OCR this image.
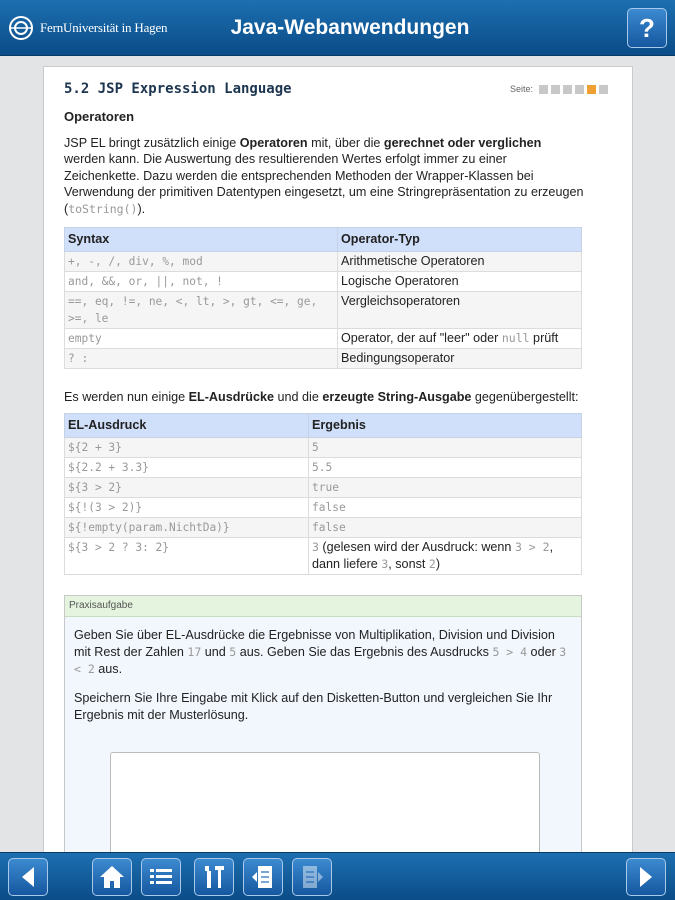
FernUniversität in Hagen	Java-Webanwendungen	?
5.2 JSP Expression Language	Seite:
Operatoren

JSP EL bringt zusätzlich einige Operatoren mit, über die gerechnet oder verglichen werden kann. Die Auswertung des resultierenden Wertes erfolgt immer zu einer Zeichenkette. Dazu werden die entsprechenden Methoden der Wrapper-Klassen bei Verwendung der primitiven Datentypen eingesetzt, um eine Stringrepräsentation zu erzeugen (toString()).

Syntax	Operator-Typ
+, -, /, div, %, mod	Arithmetische Operatoren
and, &&, or, ||, not, !	Logische Operatoren
==, eq, !=, ne, <, lt, >, gt, <=, ge, >=, le	Vergleichsoperatoren
empty	Operator, der auf "leer" oder null prüft
? :	Bedingungsoperator

Es werden nun einige EL-Ausdrücke und die erzeugte String-Ausgabe gegenübergestellt:

EL-Ausdruck	Ergebnis
${2 + 3}	5
${2.2 + 3.3}	5.5
${3 > 2}	true
${!(3 > 2)}	false
${!empty(param.NichtDa)}	false
${3 > 2 ? 3: 2}	3 (gelesen wird der Ausdruck: wenn 3 > 2, dann liefere 3, sonst 2)
Praxisaufgabe

Geben Sie über EL-Ausdrücke die Ergebnisse von Multiplikation, Division und Division mit Rest der Zahlen 17 und 5 aus. Geben Sie das Ergebnis des Ausdrucks 5 > 4 oder 3 < 2 aus.

Speichern Sie Ihre Eingabe mit Klick auf den Disketten-Button und vergleichen Sie Ihr Ergebnis mit der Musterlösung.
